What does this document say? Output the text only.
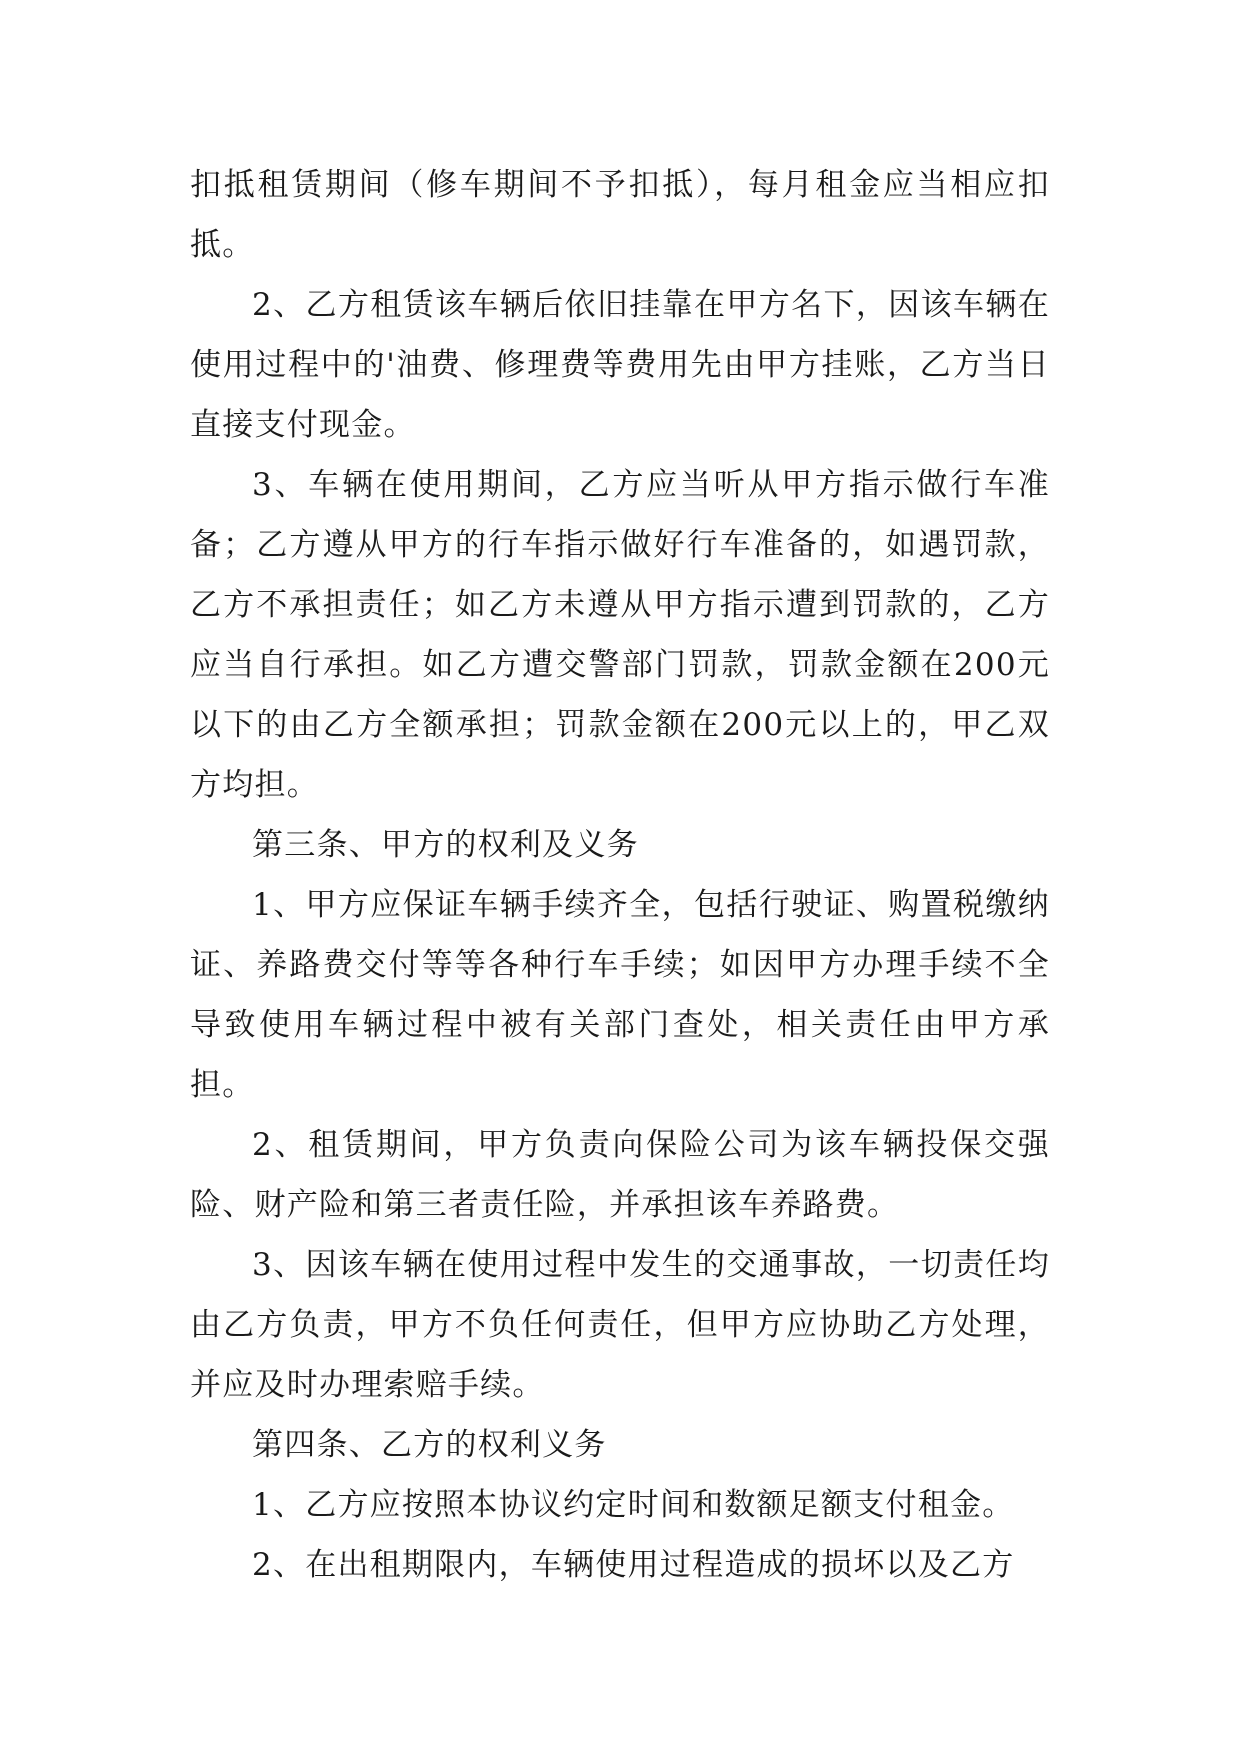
扣抵租赁期间（修车期间不予扣抵），每月租金应当相应扣抵。

2、乙方租赁该车辆后依旧挂靠在甲方名下，因该车辆在使用过程中的'油费、修理费等费用先由甲方挂账，乙方当日直接支付现金。

3、车辆在使用期间，乙方应当听从甲方指示做行车准备；乙方遵从甲方的行车指示做好行车准备的，如遇罚款，乙方不承担责任；如乙方未遵从甲方指示遭到罚款的，乙方应当自行承担。如乙方遭交警部门罚款，罚款金额在200元以下的由乙方全额承担；罚款金额在200元以上的，甲乙双方均担。

第三条、甲方的权利及义务

1、甲方应保证车辆手续齐全，包括行驶证、购置税缴纳证、养路费交付等等各种行车手续；如因甲方办理手续不全导致使用车辆过程中被有关部门查处，相关责任由甲方承担。

2、租赁期间，甲方负责向保险公司为该车辆投保交强险、财产险和第三者责任险，并承担该车养路费。

3、因该车辆在使用过程中发生的交通事故，一切责任均由乙方负责，甲方不负任何责任，但甲方应协助乙方处理，并应及时办理索赔手续。

第四条、乙方的权利义务

1、乙方应按照本协议约定时间和数额足额支付租金。

2、在出租期限内，车辆使用过程造成的损坏以及乙方
